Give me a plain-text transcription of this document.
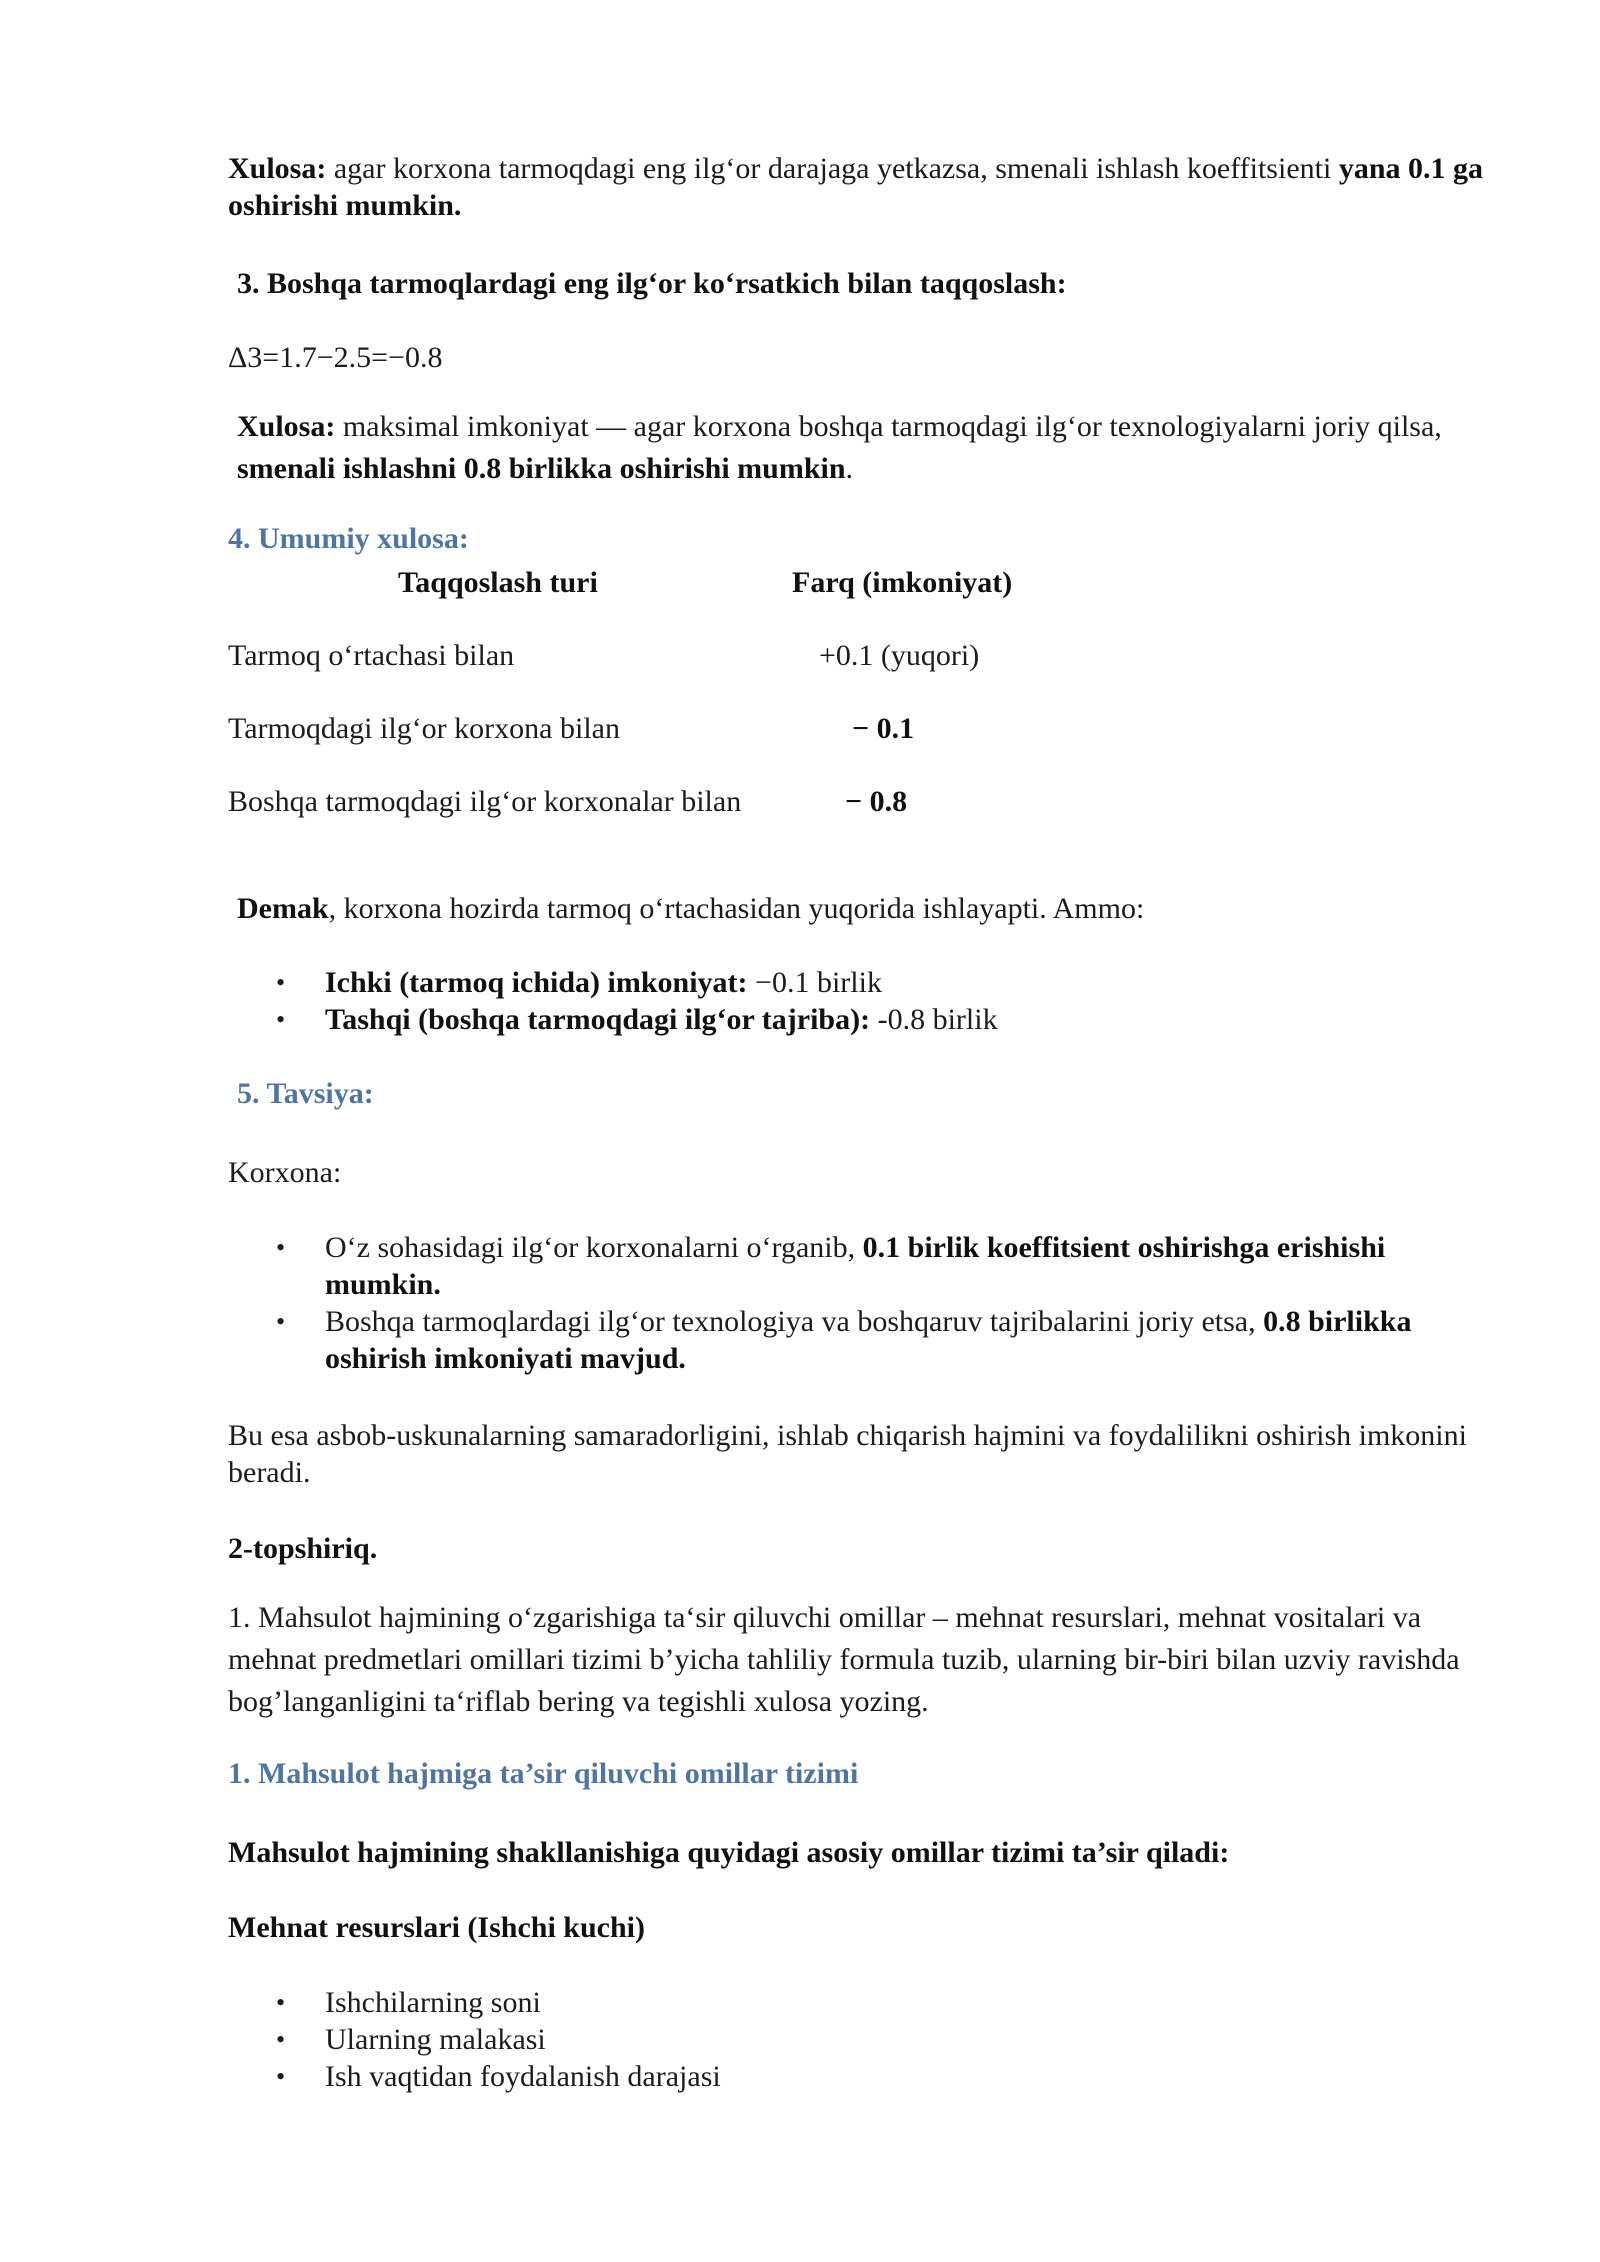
Xulosa: agar korxona tarmoqdagi eng ilg‘or darajaga yetkazsa, smenali ishlash koeffitsienti yana 0.1 ga oshirishi mumkin.

3. Boshqa tarmoqlardagi eng ilg‘or ko‘rsatkich bilan taqqoslash:

Δ3=1.7−2.5=−0.8

Xulosa: maksimal imkoniyat — agar korxona boshqa tarmoqdagi ilg‘or texnologiyalarni joriy qilsa, smenali ishlashni 0.8 birlikka oshirishi mumkin.

4. Umumiy xulosa:

Taqqoslash turi	Farq (imkoniyat)
Tarmoq o‘rtachasi bilan	+0.1 (yuqori)
Tarmoqdagi ilg‘or korxona bilan	− 0.1
Boshqa tarmoqdagi ilg‘or korxonalar bilan	− 0.8

Demak, korxona hozirda tarmoq o‘rtachasidan yuqorida ishlayapti. Ammo:

• Ichki (tarmoq ichida) imkoniyat: −0.1 birlik
• Tashqi (boshqa tarmoqdagi ilg‘or tajriba): -0.8 birlik

5. Tavsiya:

Korxona:

• O‘z sohasidagi ilg‘or korxonalarni o‘rganib, 0.1 birlik koeffitsient oshirishga erishishi mumkin.
• Boshqa tarmoqlardagi ilg‘or texnologiya va boshqaruv tajribalarini joriy etsa, 0.8 birlikka oshirish imkoniyati mavjud.

Bu esa asbob-uskunalarning samaradorligini, ishlab chiqarish hajmini va foydalilikni oshirish imkonini beradi.

2-topshiriq.

1. Mahsulot hajmining o‘zgarishiga ta‘sir qiluvchi omillar – mehnat resurslari, mehnat vositalari va mehnat predmetlari omillari tizimi b’yicha tahliliy formula tuzib, ularning bir-biri bilan uzviy ravishda bog’langanligini ta‘riflab bering va tegishli xulosa yozing.

1. Mahsulot hajmiga ta’sir qiluvchi omillar tizimi

Mahsulot hajmining shakllanishiga quyidagi asosiy omillar tizimi ta’sir qiladi:

Mehnat resurslari (Ishchi kuchi)

• Ishchilarning soni
• Ularning malakasi
• Ish vaqtidan foydalanish darajasi
